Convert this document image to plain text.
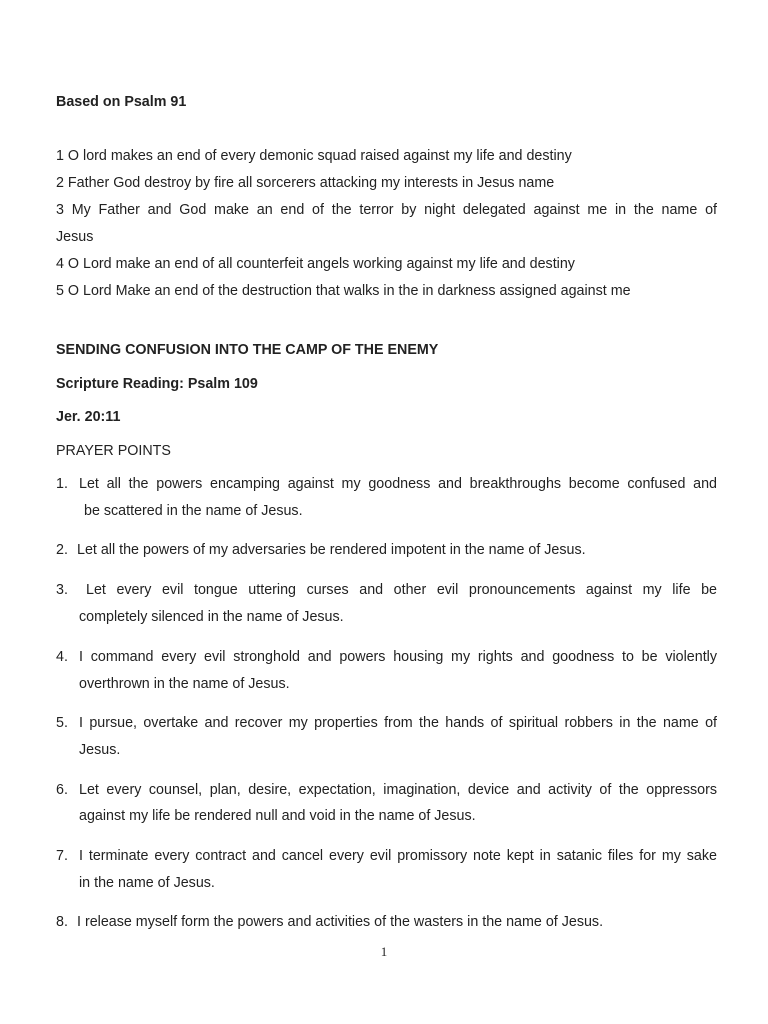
Based on Psalm 91
1 O lord makes an end of every demonic squad raised against my life and destiny
2 Father God destroy by fire all sorcerers attacking my interests in Jesus name
3 My Father and God make an end of the terror by night delegated against me in the name of
Jesus
4 O Lord make an end of all counterfeit angels working against my life and destiny
5 O Lord Make an end of the destruction that walks in the in darkness assigned against me
SENDING CONFUSION INTO THE CAMP OF THE ENEMY
Scripture Reading: Psalm 109
Jer. 20:11
PRAYER POINTS
1. Let all the powers encamping against my goodness and breakthroughs become confused and
be scattered in the name of Jesus.
2. Let all the powers of my adversaries be rendered impotent in the name of Jesus.
3. Let every evil tongue uttering curses and other evil pronouncements against my life be
completely silenced in the name of Jesus.
4. I command every evil stronghold and powers housing my rights and goodness to be violently
overthrown in the name of Jesus.
5. I pursue, overtake and recover my properties from the hands of spiritual robbers in the name of
Jesus.
6. Let every counsel, plan, desire, expectation, imagination, device and activity of the oppressors
against my life be rendered null and void in the name of Jesus.
7. I terminate every contract and cancel every evil promissory note kept in satanic files for my sake
in the name of Jesus.
8. I release myself form the powers and activities of the wasters in the name of Jesus.
1
